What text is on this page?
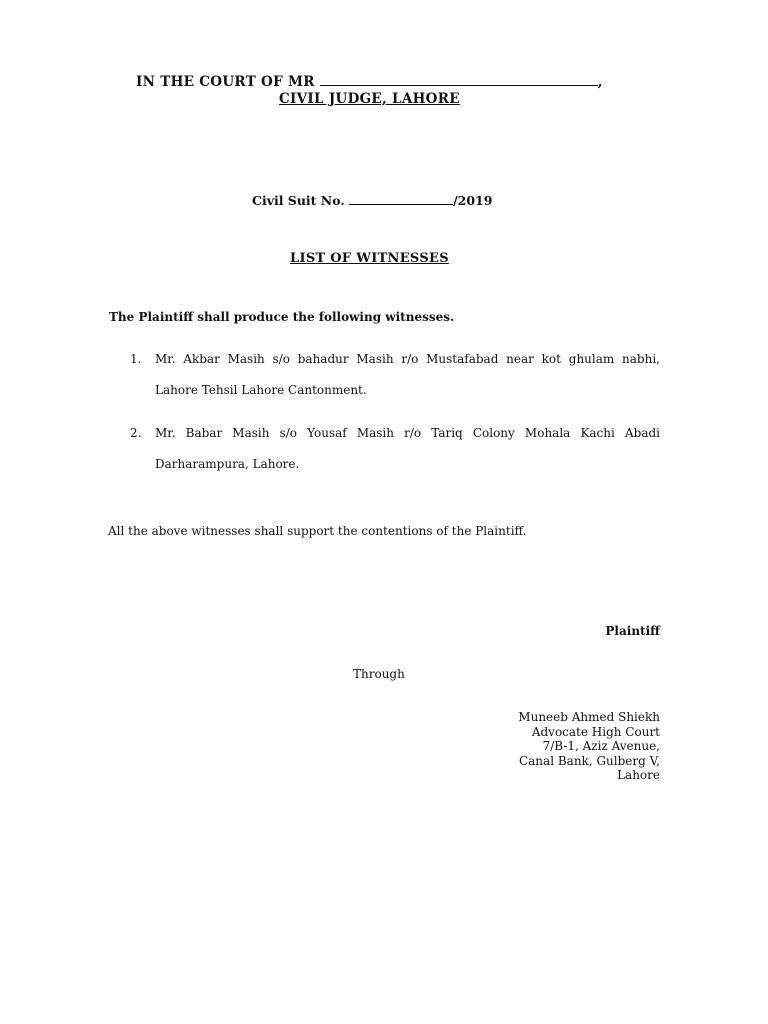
IN THE COURT OF MR	,
CIVIL JUDGE, LAHORE
Civil Suit No.	/2019
LIST OF WITNESSES
The Plaintiff shall produce the following witnesses.
1. Mr. Akbar Masih s/o bahadur Masih r/o Mustafabad near kot ghulam nabhi, Lahore Tehsil Lahore Cantonment.
2. Mr. Babar Masih s/o Yousaf Masih r/o Tariq Colony Mohala Kachi Abadi Darharampura, Lahore.
All the above witnesses shall support the contentions of the Plaintiff.
Plaintiff
Through
Muneeb Ahmed Shiekh
Advocate High Court
7/B-1, Aziz Avenue,
Canal Bank, Gulberg V,
Lahore
